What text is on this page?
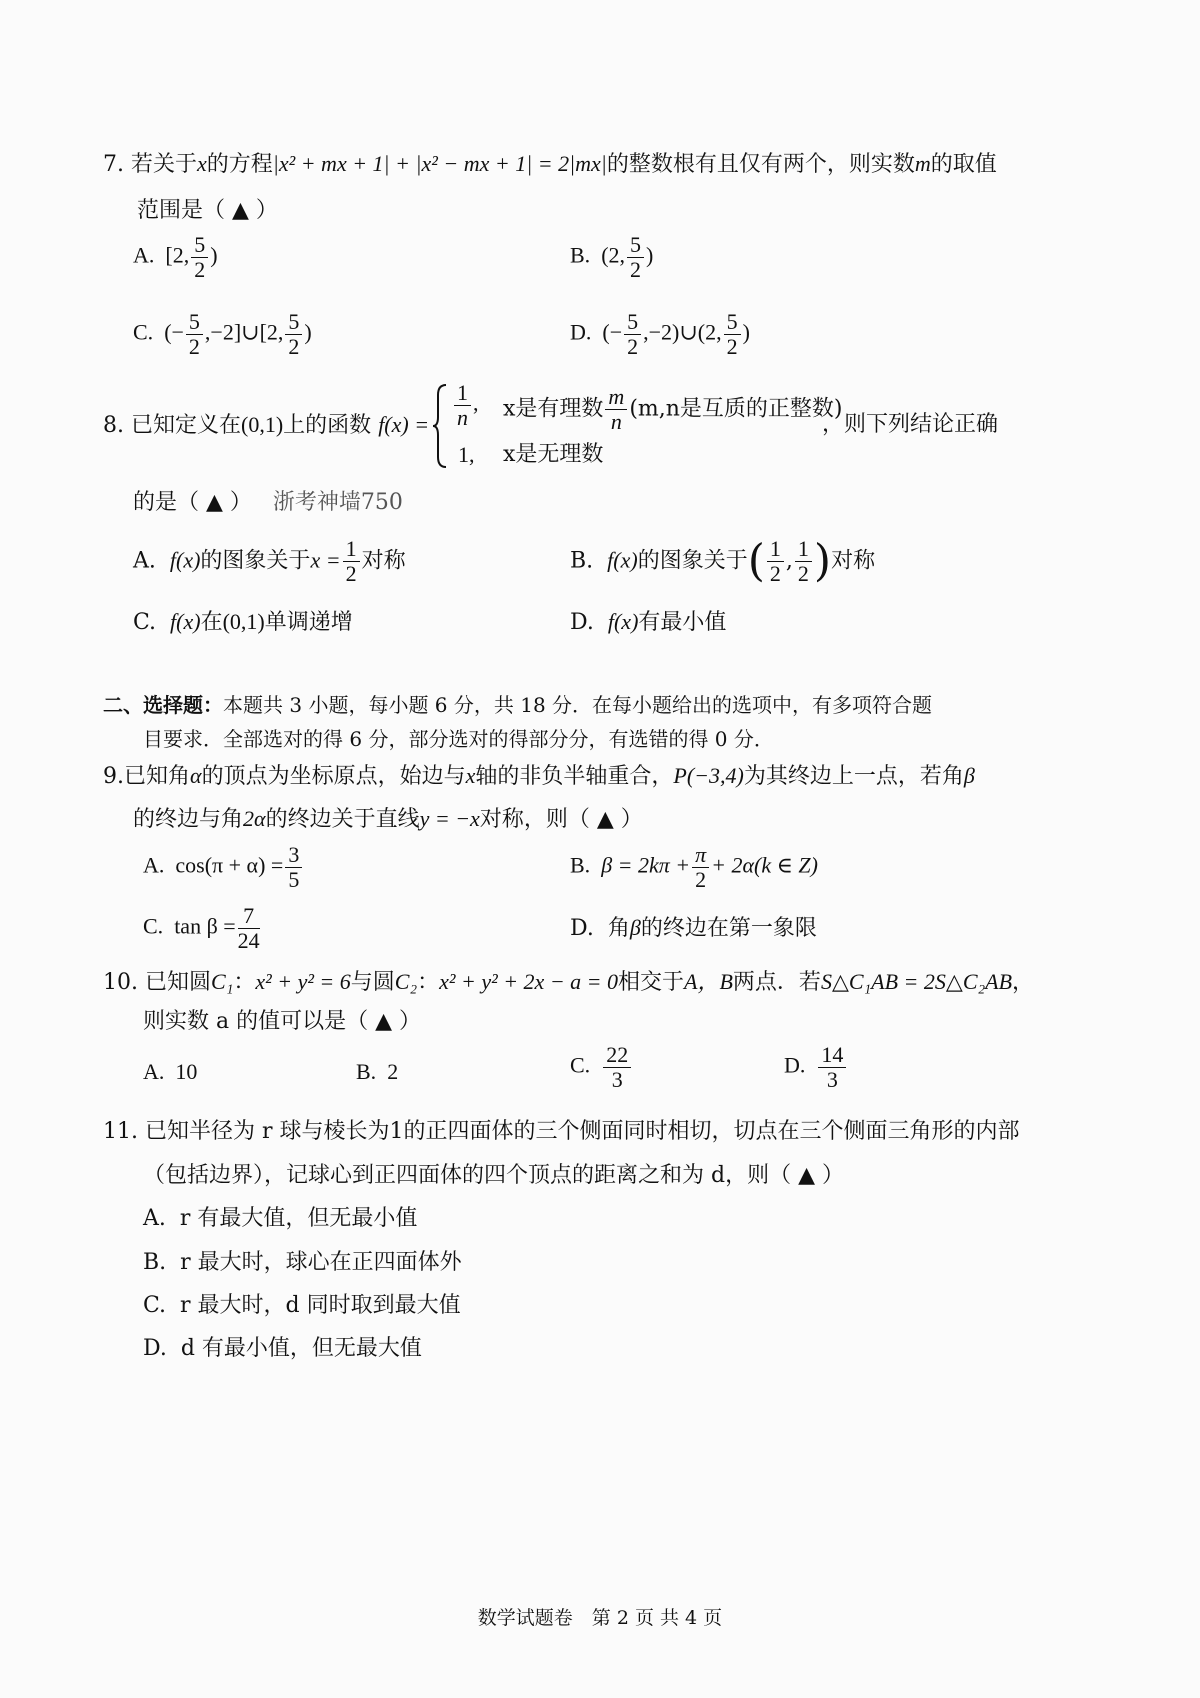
7. 若关于x的方程|x² + mx + 1| + |x² − mx + 1| = 2|mx|的整数根有且仅有两个，则实数m的取值
范围是（ ▲ ）
A. [2, $\frac{5}{2}$ )	B. (2, $\frac{5}{2}$ )
C. (− $\frac{5}{2}$ ,−2]∪[2, $\frac{5}{2}$ )	D. (− $\frac{5}{2}$ ,−2)∪(2, $\frac{5}{2}$ )
8. 已知定义在(0,1)上的函数 $f(x) = \frac{1}{n}$ , x是有理数 $\frac{m}{n} (m,n$是互质的正整数)
1, x是无理数
，则下列结论正确
的是（ ▲ ） 浙考神墙750
A. f(x)的图象关于$x = \frac{1}{2}$ 对称	B. f(x)的图象关于( $\frac{1}{2}$ , $\frac{1}{2}$ )对称
C. f(x)在(0,1)单调递增	D. f(x)有最小值
二、选择题：本题共 3 小题，每小题 6 分，共 18 分．在每小题给出的选项中，有多项符合题
目要求．全部选对的得 6 分，部分选对的得部分分，有选错的得 0 分．
9.已知角α的顶点为坐标原点，始边与x轴的非负半轴重合，P(−3,4)为其终边上一点，若角β
的终边与角2α的终边关于直线y = −x对称，则（ ▲ ）
A. $\cos(\pi + \alpha) = \frac{3}{5}$	B. $\beta = 2k\pi + \frac{\pi}{2} + 2\alpha(k$ ∈ Z)
C. $\tan \beta = \frac{7}{24}$	D. 角β的终边在第一象限
10. 已知圆C₁：x² + y² = 6与圆C₂：x² + y² + 2x − a = 0相交于A，B两点．若S△C₁AB = 2S△C₂AB，
则实数 a 的值可以是（ ▲ ）
A. 10	B. 2	C. $\frac{22}{3}$	D. $\frac{14}{3}$
11. 已知半径为 r 球与棱长为1的正四面体的三个侧面同时相切，切点在三个侧面三角形的内部
（包括边界），记球心到正四面体的四个顶点的距离之和为 d，则（ ▲ ）
A. r 有最大值，但无最小值
B. r 最大时，球心在正四面体外
C. r 最大时，d 同时取到最大值
D. d 有最小值，但无最大值
数学试题卷　第 2 页 共 4 页
